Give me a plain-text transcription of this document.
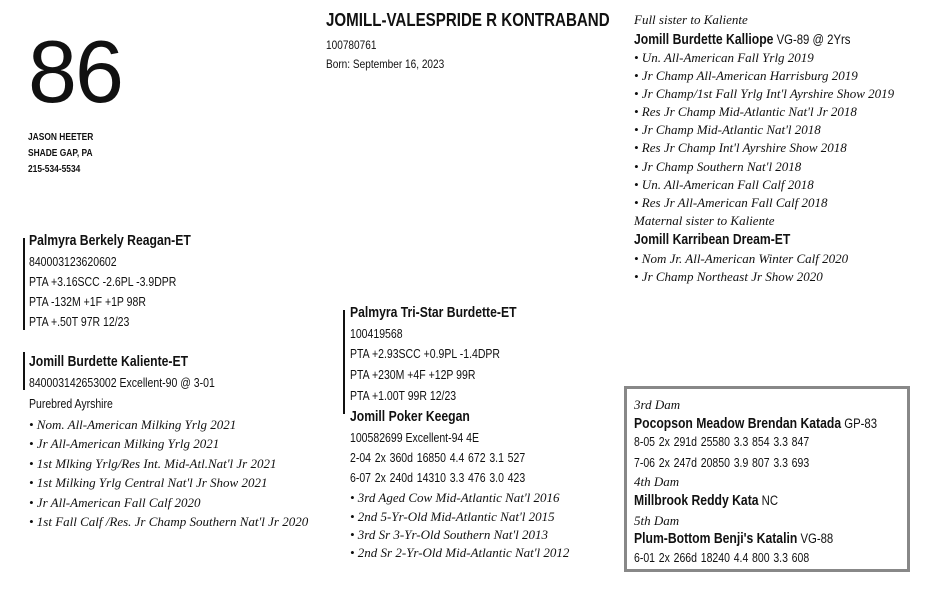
86
JASON HEETER
SHADE GAP, PA
215-534-5534
JOMILL-VALESPRIDE R KONTRABAND
100780761
Born: September 16, 2023
Palmyra Berkely Reagan-ET
840003123620602
PTA +3.16SCC -2.6PL -3.9DPR
PTA -132M +1F +1P 98R
PTA +.50T 97R 12/23
Jomill Burdette Kaliente-ET
840003142653002 Excellent-90 @ 3-01
Purebred Ayrshire
• Nom. All-American Milking Yrlg 2021
• Jr All-American Milking Yrlg 2021
• 1st Mlking Yrlg/Res Int. Mid-Atl.Nat'l Jr 2021
• 1st Milking Yrlg Central Nat'l Jr Show 2021
• Jr All-American Fall Calf 2020
• 1st Fall Calf /Res. Jr Champ Southern Nat'l Jr 2020
Palmyra Tri-Star Burdette-ET
100419568
PTA +2.93SCC +0.9PL -1.4DPR
PTA +230M +4F +12P 99R
PTA +1.00T 99R 12/23
Jomill Poker Keegan
100582699 Excellent-94 4E
2-04 2x 360d 16850 4.4 672 3.1 527
6-07 2x 240d 14310 3.3 476 3.0 423
• 3rd Aged Cow Mid-Atlantic Nat'l 2016
• 2nd 5-Yr-Old Mid-Atlantic Nat'l 2015
• 3rd Sr 3-Yr-Old Southern Nat'l 2013
• 2nd Sr 2-Yr-Old Mid-Atlantic Nat'l 2012
Full sister to Kaliente
Jomill Burdette Kalliope VG-89 @ 2Yrs
• Un. All-American Fall Yrlg 2019
• Jr Champ All-American Harrisburg 2019
• Jr Champ/1st Fall Yrlg Int'l Ayrshire Show 2019
• Res Jr Champ Mid-Atlantic Nat'l Jr 2018
• Jr Champ Mid-Atlantic Nat'l 2018
• Res Jr Champ Int'l Ayrshire Show 2018
• Jr Champ Southern Nat'l 2018
• Un. All-American Fall Calf 2018
• Res Jr All-American Fall Calf 2018
Maternal sister to Kaliente
Jomill Karribean Dream-ET
• Nom Jr. All-American Winter Calf 2020
• Jr Champ Northeast Jr Show 2020
3rd Dam
Pocopson Meadow Brendan Katada GP-83
8-05 2x 291d 25580 3.3 854 3.3 847
7-06 2x 247d 20850 3.9 807 3.3 693
4th Dam
Millbrook Reddy Kata NC
5th Dam
Plum-Bottom Benji's Katalin VG-88
6-01 2x 266d 18240 4.4 800 3.3 608
